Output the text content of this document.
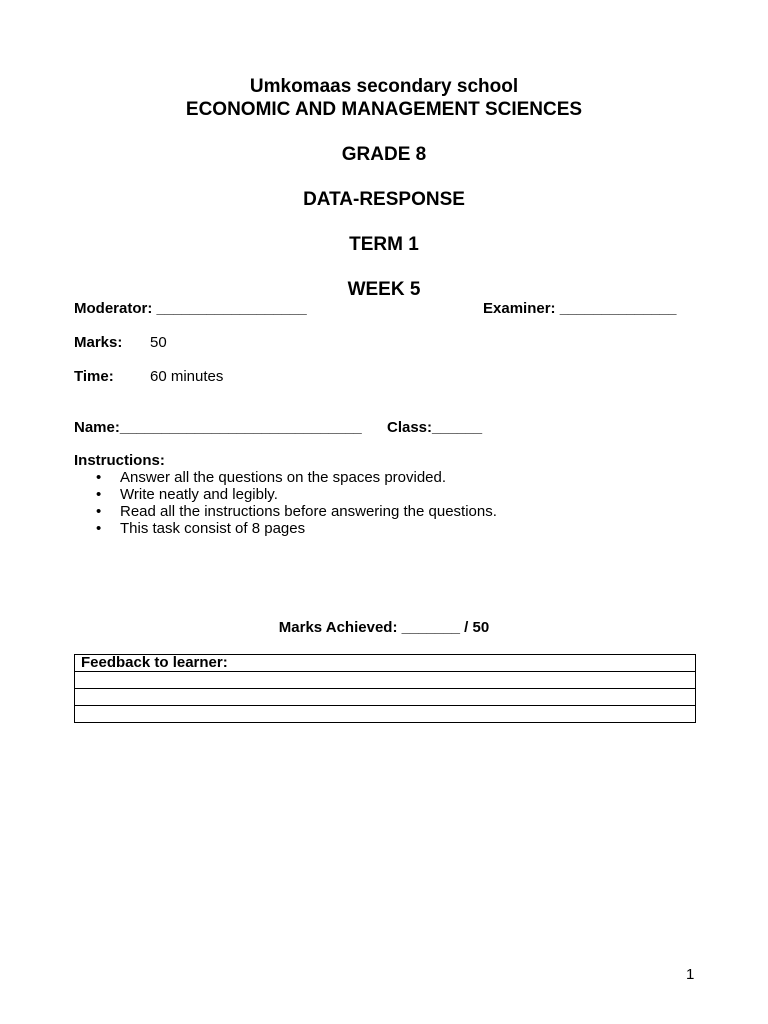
Umkomaas secondary school
ECONOMIC AND MANAGEMENT SCIENCES
GRADE 8
DATA-RESPONSE
TERM 1
WEEK 5
Moderator: __________________	Examiner: ______________
Marks: 50
Time: 60 minutes
Name:_____________________________ Class:______
Instructions:
• Answer all the questions on the spaces provided.
• Write neatly and legibly.
• Read all the instructions before answering the questions.
• This task consist of 8 pages
Marks Achieved: _______ / 50
Feedback to learner:

1
